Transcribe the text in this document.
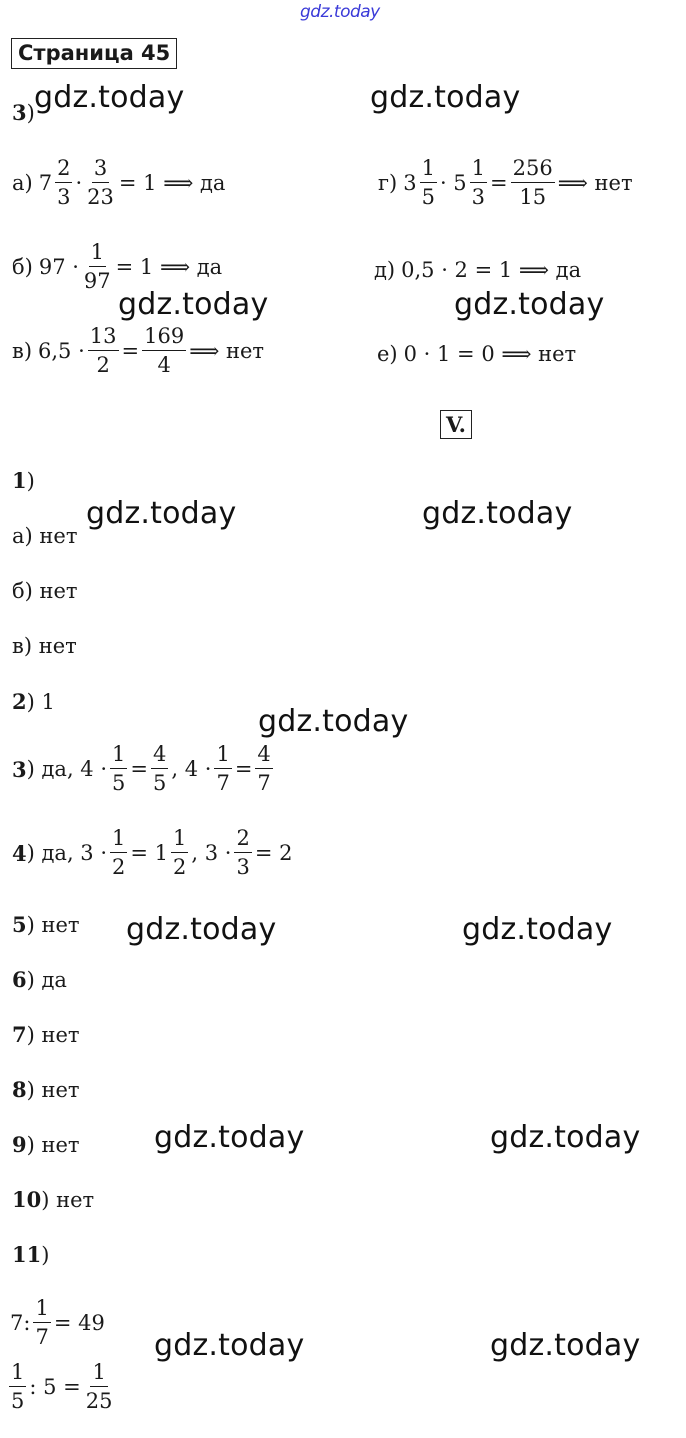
gdz.today
Страница 45
gdz.today	gdz.today
gdz.today	gdz.today
gdz.today	gdz.today
gdz.today
gdz.today	gdz.today
gdz.today	gdz.today
gdz.today	gdz.today
3 )
а) $7 \frac{2}{3} \cdot \frac{3}{23} = 1$ ⟹ да	г) $3 \frac{1}{5} \cdot 5 \frac{1}{3} = \frac{256}{15}$ ⟹ нет
б) $97 \cdot \frac{1}{97} = 1$ ⟹ да	д) 0,5 · 2 = 1 ⟹ да
в) $6,5 \cdot \frac{13}{2} = \frac{169}{4}$ ⟹ нет	е) 0 · 1 = 0 ⟹ нет
V.
1 )
а) нет
б) нет
в) нет
2 ) 1
3 ) да, $4 \cdot \frac{1}{5} = \frac{4}{5}$ , $4 \cdot \frac{1}{7} = \frac{4}{7}$
4 ) да, $3 \cdot \frac{1}{2} = 1 \frac{1}{2}$ , $3 \cdot \frac{2}{3} = 2$
5 ) нет
6 ) да
7 ) нет
8 ) нет
9 ) нет
10 ) нет
11 )
7: $\frac{1}{7} = 49$
$\frac{1}{5}$ : $5 = \frac{1}{25}$
